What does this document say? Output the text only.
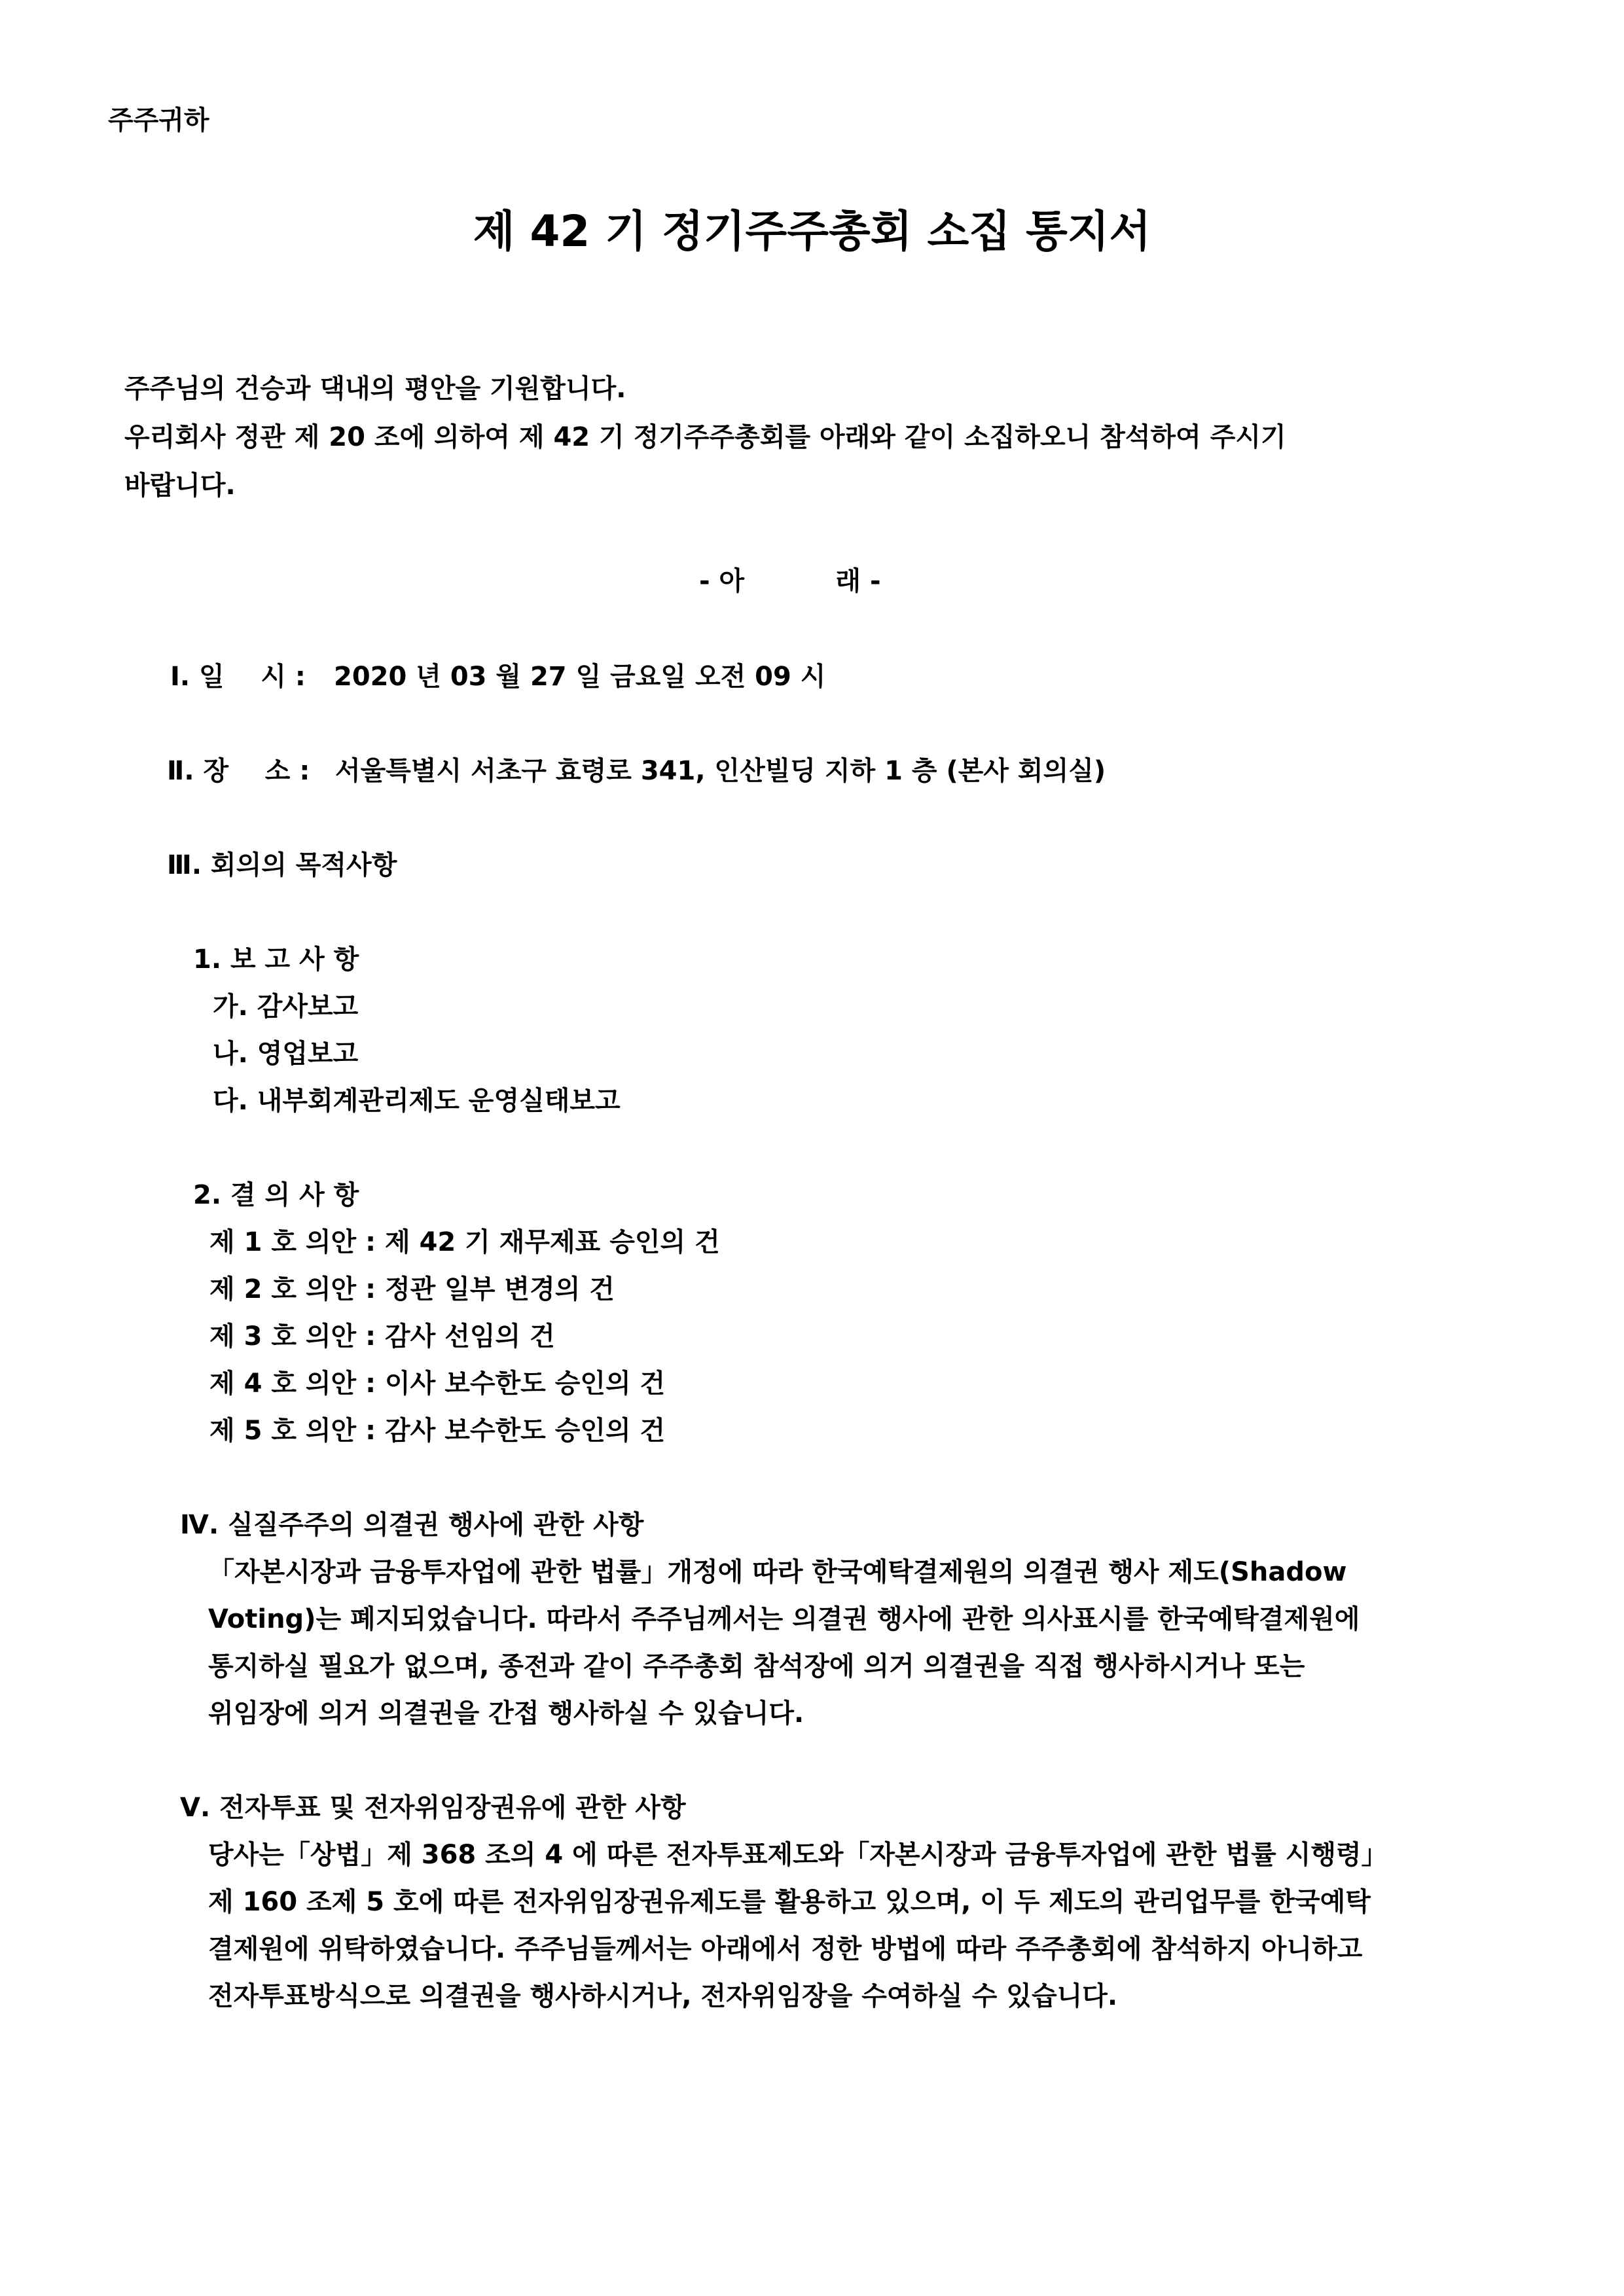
주주귀하
제 42 기 정기주주총회 소집 통지서
주주님의 건승과 댁내의 평안을 기원합니다.
우리회사 정관 제 20 조에 의하여 제 42 기 정기주주총회를 아래와 같이 소집하오니 참석하여 주시기
바랍니다.
- 아          래 -
Ⅰ. 일    시 : 2020 년 03 월 27 일 금요일 오전 09 시
Ⅱ. 장    소 : 서울특별시 서초구 효령로 341, 인산빌딩 지하 1 층 (본사 회의실)
Ⅲ. 회의의 목적사항
1. 보 고 사 항
가. 감사보고
나. 영업보고
다. 내부회계관리제도 운영실태보고
2. 결 의 사 항
제 1 호 의안 : 제 42 기 재무제표 승인의 건
제 2 호 의안 : 정관 일부 변경의 건
제 3 호 의안 : 감사 선임의 건
제 4 호 의안 : 이사 보수한도 승인의 건
제 5 호 의안 : 감사 보수한도 승인의 건
Ⅳ. 실질주주의 의결권 행사에 관한 사항
「자본시장과 금융투자업에 관한 법률」개정에 따라 한국예탁결제원의 의결권 행사 제도(Shadow
Voting)는 폐지되었습니다. 따라서 주주님께서는 의결권 행사에 관한 의사표시를 한국예탁결제원에
통지하실 필요가 없으며, 종전과 같이 주주총회 참석장에 의거 의결권을 직접 행사하시거나 또는
위임장에 의거 의결권을 간접 행사하실 수 있습니다.
Ⅴ. 전자투표 및 전자위임장권유에 관한 사항
당사는「상법」제 368 조의 4 에 따른 전자투표제도와「자본시장과 금융투자업에 관한 법률 시행령」
제 160 조제 5 호에 따른 전자위임장권유제도를 활용하고 있으며, 이 두 제도의 관리업무를 한국예탁
결제원에 위탁하였습니다. 주주님들께서는 아래에서 정한 방법에 따라 주주총회에 참석하지 아니하고
전자투표방식으로 의결권을 행사하시거나, 전자위임장을 수여하실 수 있습니다.
